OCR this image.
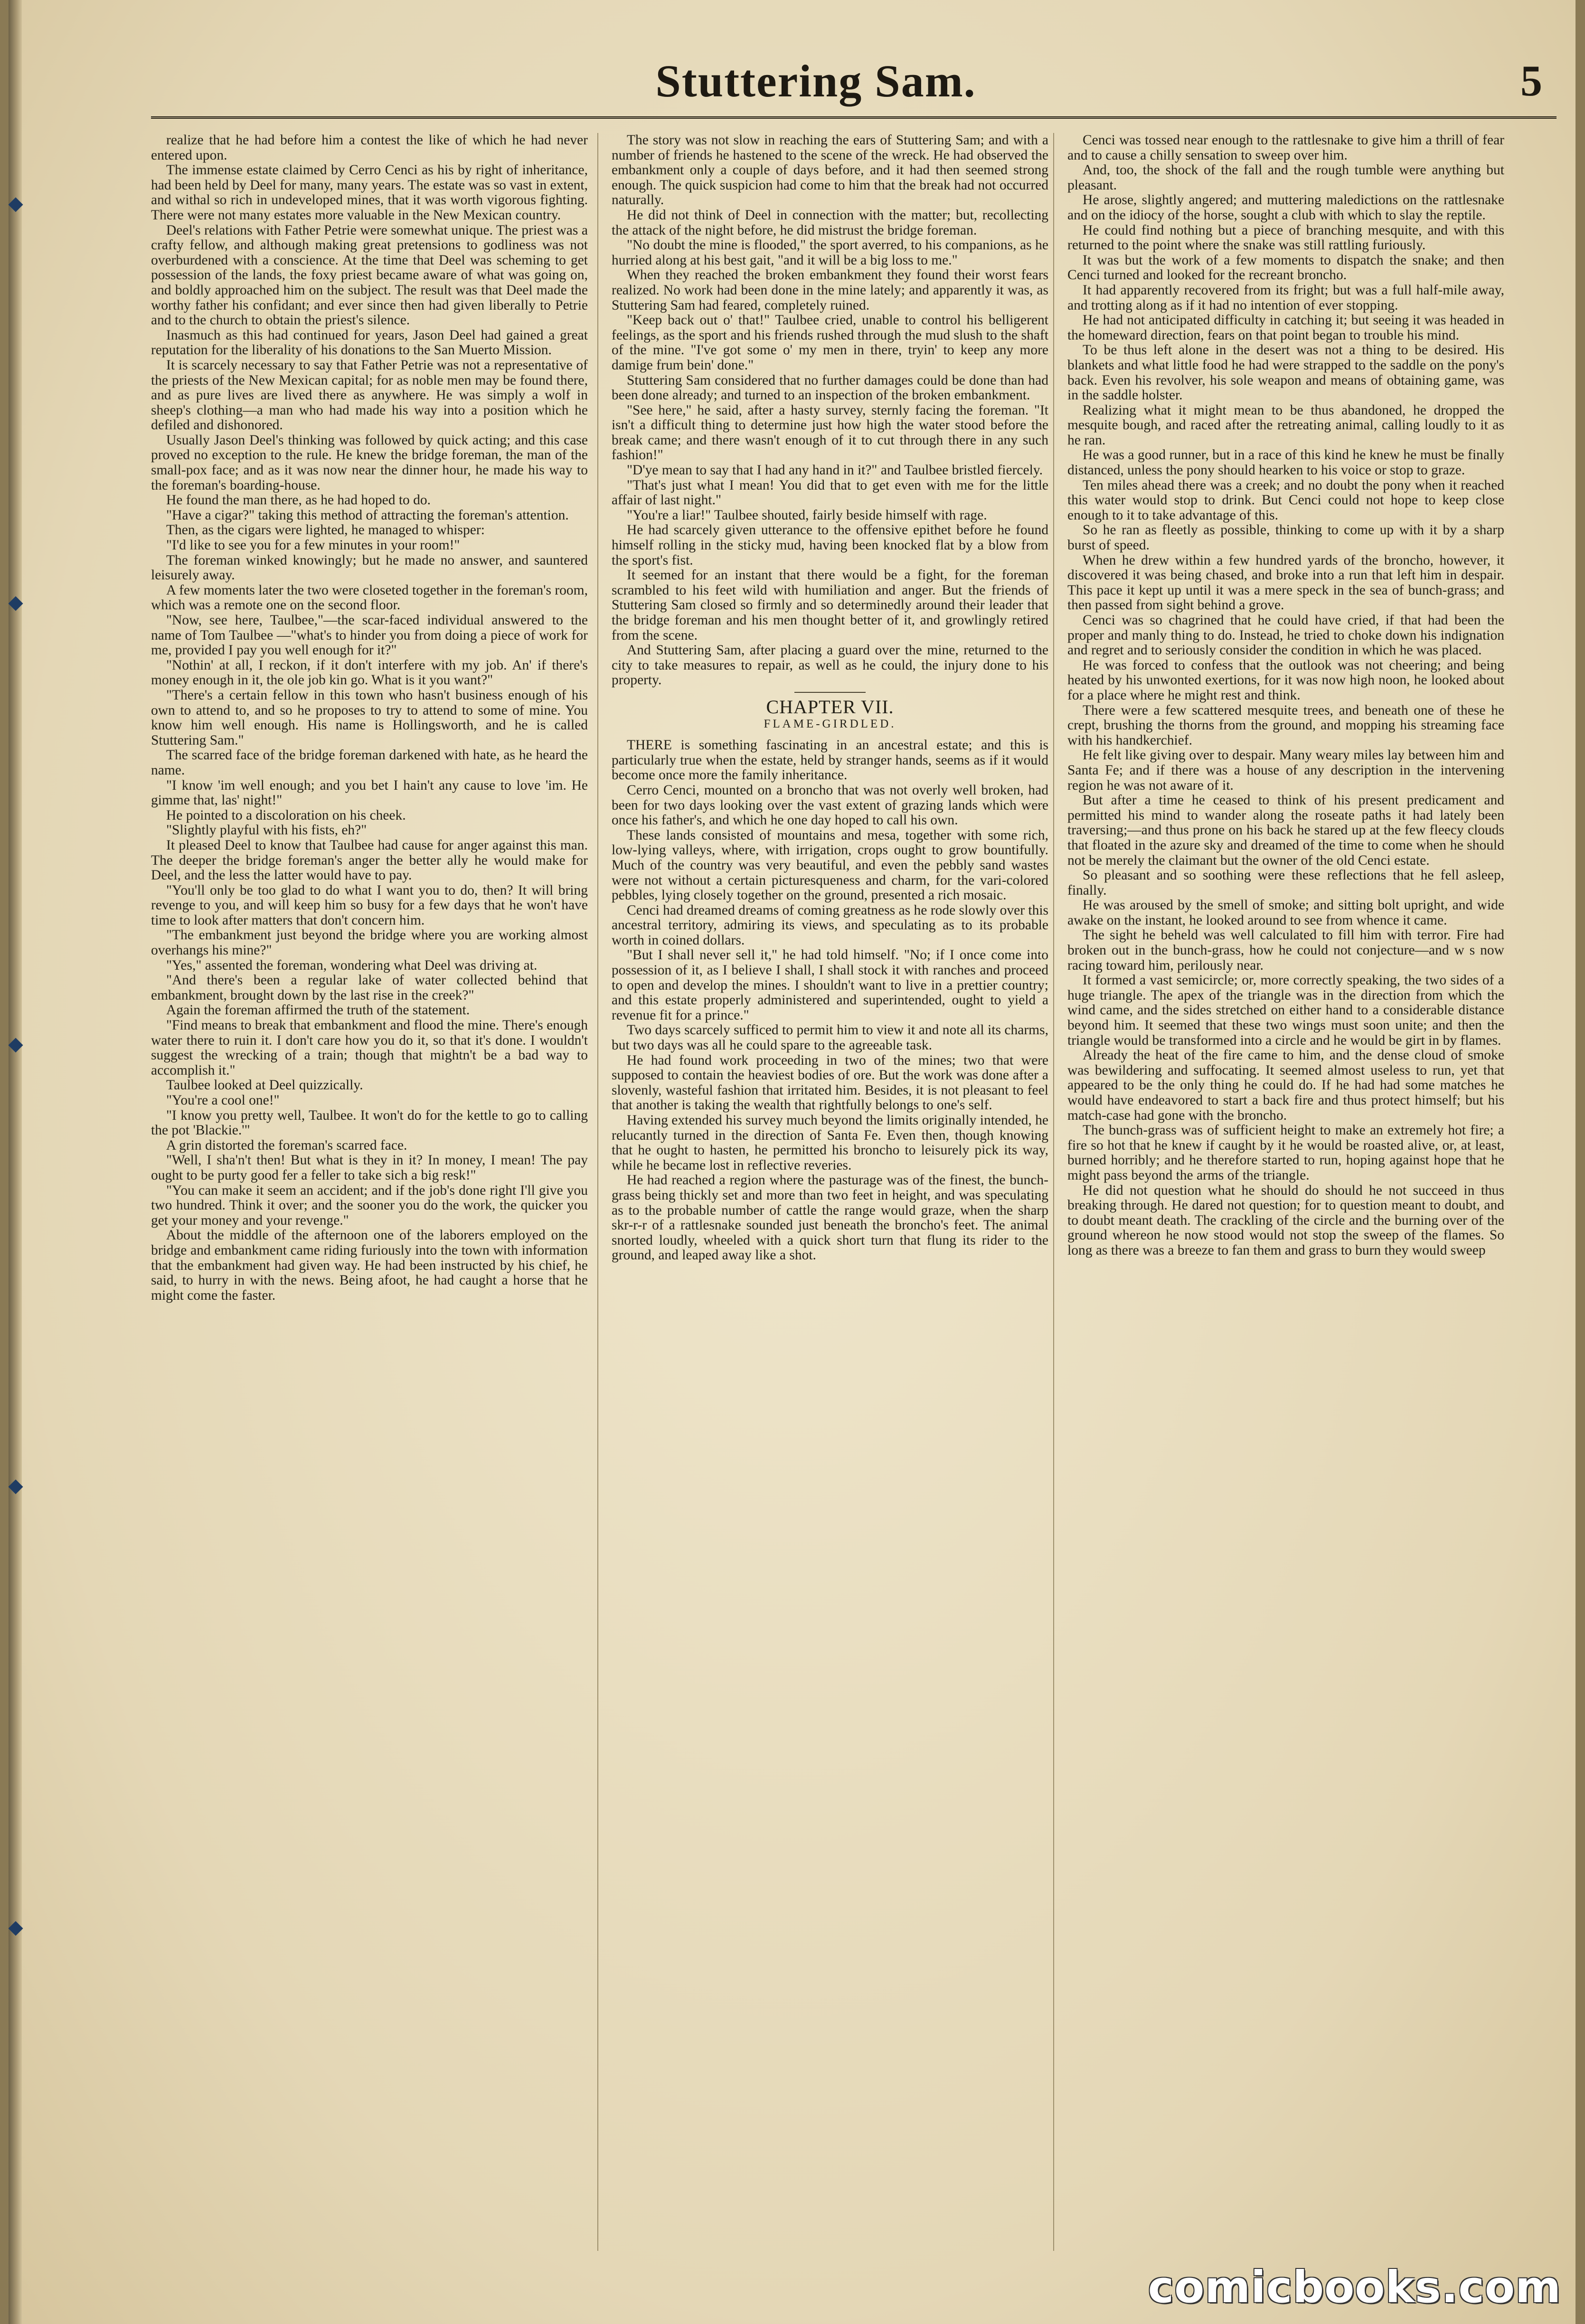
Stuttering Sam.	5

realize that he had before him a contest the like of which he had never entered upon.

The immense estate claimed by Cerro Cenci as his by right of inheritance, had been held by Deel for many, many years. The estate was so vast in extent, and withal so rich in undeveloped mines, that it was worth vigorous fighting. There were not many estates more valuable in the New Mexican country.

Deel's relations with Father Petrie were somewhat unique. The priest was a crafty fellow, and although making great pretensions to godliness was not overburdened with a conscience. At the time that Deel was scheming to get possession of the lands, the foxy priest became aware of what was going on, and boldly approached him on the subject. The result was that Deel made the worthy father his confidant; and ever since then had given liberally to Petrie and to the church to obtain the priest's silence.

Inasmuch as this had continued for years, Jason Deel had gained a great reputation for the liberality of his donations to the San Muerto Mission.

It is scarcely necessary to say that Father Petrie was not a representative of the priests of the New Mexican capital; for as noble men may be found there, and as pure lives are lived there as anywhere. He was simply a wolf in sheep's clothing—a man who had made his way into a position which he defiled and dishonored.

Usually Jason Deel's thinking was followed by quick acting; and this case proved no exception to the rule. He knew the bridge foreman, the man of the small-pox face; and as it was now near the dinner hour, he made his way to the foreman's boarding-house.

He found the man there, as he had hoped to do.

"Have a cigar?" taking this method of attracting the foreman's attention.

Then, as the cigars were lighted, he managed to whisper:

"I'd like to see you for a few minutes in your room!"

The foreman winked knowingly; but he made no answer, and sauntered leisurely away.

A few moments later the two were closeted together in the foreman's room, which was a remote one on the second floor.

"Now, see here, Taulbee,"—the scar-faced individual answered to the name of Tom Taulbee —"what's to hinder you from doing a piece of work for me, provided I pay you well enough for it?"

"Nothin' at all, I reckon, if it don't interfere with my job. An' if there's money enough in it, the ole job kin go. What is it you want?"

"There's a certain fellow in this town who hasn't business enough of his own to attend to, and so he proposes to try to attend to some of mine. You know him well enough. His name is Hollingsworth, and he is called Stuttering Sam."

The scarred face of the bridge foreman darkened with hate, as he heard the name.

"I know 'im well enough; and you bet I hain't any cause to love 'im. He gimme that, las' night!"

He pointed to a discoloration on his cheek.

"Slightly playful with his fists, eh?"

It pleased Deel to know that Taulbee had cause for anger against this man. The deeper the bridge foreman's anger the better ally he would make for Deel, and the less the latter would have to pay.

"You'll only be too glad to do what I want you to do, then? It will bring revenge to you, and will keep him so busy for a few days that he won't have time to look after matters that don't concern him.

"The embankment just beyond the bridge where you are working almost overhangs his mine?"

"Yes," assented the foreman, wondering what Deel was driving at.

"And there's been a regular lake of water collected behind that embankment, brought down by the last rise in the creek?"

Again the foreman affirmed the truth of the statement.

"Find means to break that embankment and flood the mine. There's enough water there to ruin it. I don't care how you do it, so that it's done. I wouldn't suggest the wrecking of a train; though that mightn't be a bad way to accomplish it."

Taulbee looked at Deel quizzically.

"You're a cool one!"

"I know you pretty well, Taulbee. It won't do for the kettle to go to calling the pot 'Blackie.'"

A grin distorted the foreman's scarred face.

"Well, I sha'n't then! But what is they in it? In money, I mean! The pay ought to be purty good fer a feller to take sich a big resk!"

"You can make it seem an accident; and if the job's done right I'll give you two hundred. Think it over; and the sooner you do the work, the quicker you get your money and your revenge."

About the middle of the afternoon one of the laborers employed on the bridge and embankment came riding furiously into the town with information that the embankment had given way. He had been instructed by his chief, he said, to hurry in with the news. Being afoot, he had caught a horse that he might come the faster.

The story was not slow in reaching the ears of Stuttering Sam; and with a number of friends he hastened to the scene of the wreck. He had observed the embankment only a couple of days before, and it had then seemed strong enough. The quick suspicion had come to him that the break had not occurred naturally.

He did not think of Deel in connection with the matter; but, recollecting the attack of the night before, he did mistrust the bridge foreman.

"No doubt the mine is flooded," the sport averred, to his companions, as he hurried along at his best gait, "and it will be a big loss to me."

When they reached the broken embankment they found their worst fears realized. No work had been done in the mine lately; and apparently it was, as Stuttering Sam had feared, completely ruined.

"Keep back out o' that!" Taulbee cried, unable to control his belligerent feelings, as the sport and his friends rushed through the mud slush to the shaft of the mine. "I've got some o' my men in there, tryin' to keep any more damige frum bein' done."

Stuttering Sam considered that no further damages could be done than had been done already; and turned to an inspection of the broken embankment.

"See here," he said, after a hasty survey, sternly facing the foreman. "It isn't a difficult thing to determine just how high the water stood before the break came; and there wasn't enough of it to cut through there in any such fashion!"

"D'ye mean to say that I had any hand in it?" and Taulbee bristled fiercely.

"That's just what I mean! You did that to get even with me for the little affair of last night."

"You're a liar!" Taulbee shouted, fairly beside himself with rage.

He had scarcely given utterance to the offensive epithet before he found himself rolling in the sticky mud, having been knocked flat by a blow from the sport's fist.

It seemed for an instant that there would be a fight, for the foreman scrambled to his feet wild with humiliation and anger. But the friends of Stuttering Sam closed so firmly and so determinedly around their leader that the bridge foreman and his men thought better of it, and growlingly retired from the scene.

And Stuttering Sam, after placing a guard over the mine, returned to the city to take measures to repair, as well as he could, the injury done to his property.

CHAPTER VII.
FLAME-GIRDLED.

THERE is something fascinating in an ancestral estate; and this is particularly true when the estate, held by stranger hands, seems as if it would become once more the family inheritance.

Cerro Cenci, mounted on a broncho that was not overly well broken, had been for two days looking over the vast extent of grazing lands which were once his father's, and which he one day hoped to call his own.

These lands consisted of mountains and mesa, together with some rich, low-lying valleys, where, with irrigation, crops ought to grow bountifully. Much of the country was very beautiful, and even the pebbly sand wastes were not without a certain picturesqueness and charm, for the vari-colored pebbles, lying closely together on the ground, presented a rich mosaic.

Cenci had dreamed dreams of coming greatness as he rode slowly over this ancestral territory, admiring its views, and speculating as to its probable worth in coined dollars.

"But I shall never sell it," he had told himself. "No; if I once come into possession of it, as I believe I shall, I shall stock it with ranches and proceed to open and develop the mines. I shouldn't want to live in a prettier country; and this estate properly administered and superintended, ought to yield a revenue fit for a prince."

Two days scarcely sufficed to permit him to view it and note all its charms, but two days was all he could spare to the agreeable task.

He had found work proceeding in two of the mines; two that were supposed to contain the heaviest bodies of ore. But the work was done after a slovenly, wasteful fashion that irritated him. Besides, it is not pleasant to feel that another is taking the wealth that rightfully belongs to one's self.

Having extended his survey much beyond the limits originally intended, he relucantly turned in the direction of Santa Fe. Even then, though knowing that he ought to hasten, he permitted his broncho to leisurely pick its way, while he became lost in reflective reveries.

He had reached a region where the pasturage was of the finest, the bunch-grass being thickly set and more than two feet in height, and was speculating as to the probable number of cattle the range would graze, when the sharp skr-r-r of a rattlesnake sounded just beneath the broncho's feet. The animal snorted loudly, wheeled with a quick short turn that flung its rider to the ground, and leaped away like a shot.

Cenci was tossed near enough to the rattlesnake to give him a thrill of fear and to cause a chilly sensation to sweep over him.

And, too, the shock of the fall and the rough tumble were anything but pleasant.

He arose, slightly angered; and muttering maledictions on the rattlesnake and on the idiocy of the horse, sought a club with which to slay the reptile.

He could find nothing but a piece of branching mesquite, and with this returned to the point where the snake was still rattling furiously.

It was but the work of a few moments to dispatch the snake; and then Cenci turned and looked for the recreant broncho.

It had apparently recovered from its fright; but was a full half-mile away, and trotting along as if it had no intention of ever stopping.

He had not anticipated difficulty in catching it; but seeing it was headed in the homeward direction, fears on that point began to trouble his mind.

To be thus left alone in the desert was not a thing to be desired. His blankets and what little food he had were strapped to the saddle on the pony's back. Even his revolver, his sole weapon and means of obtaining game, was in the saddle holster.

Realizing what it might mean to be thus abandoned, he dropped the mesquite bough, and raced after the retreating animal, calling loudly to it as he ran.

He was a good runner, but in a race of this kind he knew he must be finally distanced, unless the pony should hearken to his voice or stop to graze.

Ten miles ahead there was a creek; and no doubt the pony when it reached this water would stop to drink. But Cenci could not hope to keep close enough to it to take advantage of this.

So he ran as fleetly as possible, thinking to come up with it by a sharp burst of speed.

When he drew within a few hundred yards of the broncho, however, it discovered it was being chased, and broke into a run that left him in despair. This pace it kept up until it was a mere speck in the sea of bunch-grass; and then passed from sight behind a grove.

Cenci was so chagrined that he could have cried, if that had been the proper and manly thing to do. Instead, he tried to choke down his indignation and regret and to seriously consider the condition in which he was placed.

He was forced to confess that the outlook was not cheering; and being heated by his unwonted exertions, for it was now high noon, he looked about for a place where he might rest and think.

There were a few scattered mesquite trees, and beneath one of these he crept, brushing the thorns from the ground, and mopping his streaming face with his handkerchief.

He felt like giving over to despair. Many weary miles lay between him and Santa Fe; and if there was a house of any description in the intervening region he was not aware of it.

But after a time he ceased to think of his present predicament and permitted his mind to wander along the roseate paths it had lately been traversing;—and thus prone on his back he stared up at the few fleecy clouds that floated in the azure sky and dreamed of the time to come when he should not be merely the claimant but the owner of the old Cenci estate.

So pleasant and so soothing were these reflections that he fell asleep, finally.

He was aroused by the smell of smoke; and sitting bolt upright, and wide awake on the instant, he looked around to see from whence it came.

The sight he beheld was well calculated to fill him with terror. Fire had broken out in the bunch-grass, how he could not conjecture—and w s now racing toward him, perilously near.

It formed a vast semicircle; or, more correctly speaking, the two sides of a huge triangle. The apex of the triangle was in the direction from which the wind came, and the sides stretched on either hand to a considerable distance beyond him. It seemed that these two wings must soon unite; and then the triangle would be transformed into a circle and he would be girt in by flames.

Already the heat of the fire came to him, and the dense cloud of smoke was bewildering and suffocating. It seemed almost useless to run, yet that appeared to be the only thing he could do. If he had had some matches he would have endeavored to start a back fire and thus protect himself; but his match-case had gone with the broncho.

The bunch-grass was of sufficient height to make an extremely hot fire; a fire so hot that he knew if caught by it he would be roasted alive, or, at least, burned horribly; and he therefore started to run, hoping against hope that he might pass beyond the arms of the triangle.

He did not question what he should do should he not succeed in thus breaking through. He dared not question; for to question meant to doubt, and to doubt meant death. The crackling of the circle and the burning over of the ground whereon he now stood would not stop the sweep of the flames. So long as there was a breeze to fan them and grass to burn they would sweep

comicbooks.com
